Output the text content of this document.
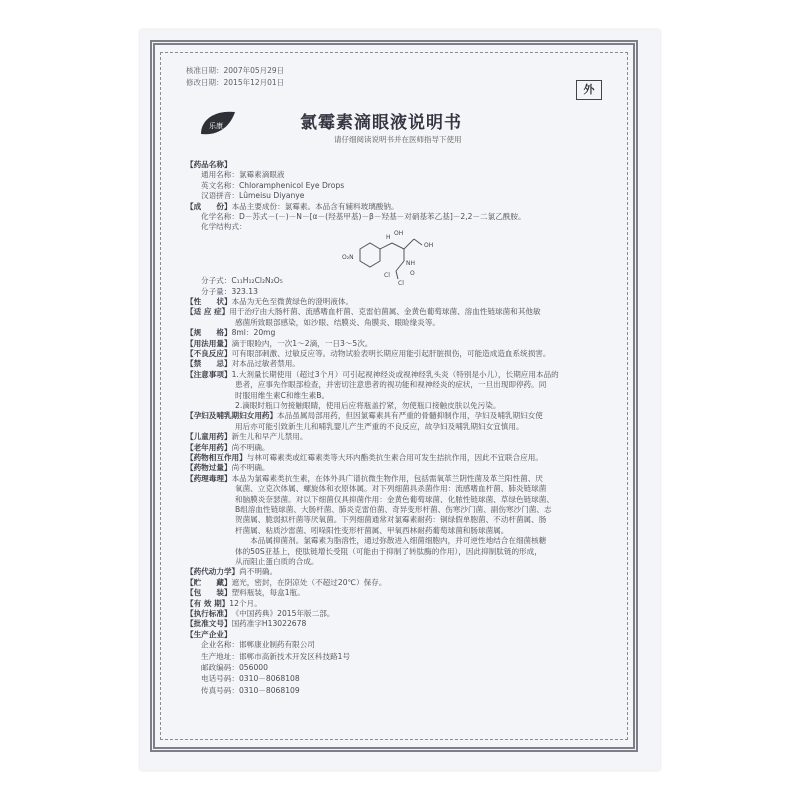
核准日期：2007年05月29日
修改日期：2015年12月01日
外
乐康	氯霉素滴眼液说明书
请仔细阅读说明书并在医师指导下使用
【药品名称】
通用名称：氯霉素滴眼液
英文名称：Chloramphenicol Eye Drops
汉语拼音：Lǜmeisu Diyanye
【成　　份】本品主要成份：氯霉素。本品含有辅料玻璃酸钠。
化学名称：D－苏式－(－)－N－[α－(羟基甲基)－β－羟基－对硝基苯乙基]－2,2－二氯乙酰胺。
化学结构式：
【性　　状】本品为无色至微黄绿色的澄明液体。
【适 应 症】用于治疗由大肠杆菌、流感嗜血杆菌、克雷伯菌属、金黄色葡萄球菌、溶血性链球菌和其他敏
感菌所致眼部感染，如沙眼、结膜炎、角膜炎、眼睑缘炎等。
【规　　格】8ml：20mg
【用法用量】滴于眼睑内，一次1～2滴，一日3～5次。
【不良反应】可有眼部刺激、过敏反应等。动物试验表明长期应用能引起肝脏损伤，可能造成造血系统损害。
【禁　　忌】对本品过敏者禁用。
【注意事项】1.大剂量长期使用（超过3个月）可引起视神经炎或视神经乳头炎（特别是小儿），长期应用本品的
患者，应事先作眼部检查，并密切注意患者的视功能和视神经炎的症状，一旦出现即停药。同
时服用维生素C和维生素B。
2.滴眼时瓶口勿接触眼睛，使用后应将瓶盖拧紧，勿使瓶口接触皮肤以免污染。
【孕妇及哺乳期妇女用药】本品虽属局部用药，但因氯霉素具有严重的骨髓抑制作用，孕妇及哺乳期妇女使
用后亦可能引致新生儿和哺乳婴儿产生严重的不良反应，故孕妇及哺乳期妇女宜慎用。
【儿童用药】新生儿和早产儿禁用。
【老年用药】尚不明确。
【药物相互作用】与林可霉素类或红霉素类等大环内酯类抗生素合用可发生拮抗作用，因此不宜联合应用。
【药物过量】尚不明确。
【药理毒理】本品为氯霉素类抗生素，在体外具广谱抗微生物作用，包括需氧革兰阴性菌及革兰阳性菌、厌
氧菌、立克次体属、螺旋体和衣原体属。对下列细菌具杀菌作用：流感嗜血杆菌、肺炎链球菌
和脑膜炎奈瑟菌。对以下细菌仅具抑菌作用：金黄色葡萄球菌、化脓性链球菌、草绿色链球菌、
B组溶血性链球菌、大肠杆菌、肺炎克雷伯菌、奇异变形杆菌、伤寒沙门菌、副伤寒沙门菌、志
贺菌属、脆弱拟杆菌等厌氧菌。下列细菌通常对氯霉素耐药：铜绿假单胞菌、不动杆菌属、肠
杆菌属、粘质沙雷菌、吲哚阳性变形杆菌属、甲氧西林耐药葡萄球菌和肠球菌属。
　　本品属抑菌剂。氯霉素为脂溶性，通过弥散进入细菌细胞内，并可逆性地结合在细菌核糖
体的50S亚基上，使肽链增长受阻（可能由于抑制了转肽酶的作用），因此抑制肽链的形成，
从而阻止蛋白质的合成。
【药代动力学】尚不明确。
【贮　　藏】遮光，密封，在阴凉处（不超过20℃）保存。
【包　　装】塑料瓶装，每盒1瓶。
【有 效 期】12个月。
【执行标准】《中国药典》2015年版二部。
【批准文号】国药准字H13022678
【生产企业】
企业名称：邯郸康业制药有限公司
生产地址：邯郸市高新技术开发区科技路1号
邮政编码：056000
电话号码：0310－8068108
传真号码：0310－8068109
O₂N
H
OH
NH
OH
Cl
Cl
O
分子式：C₁₁H₁₂Cl₂N₂O₅
分子量：323.13
